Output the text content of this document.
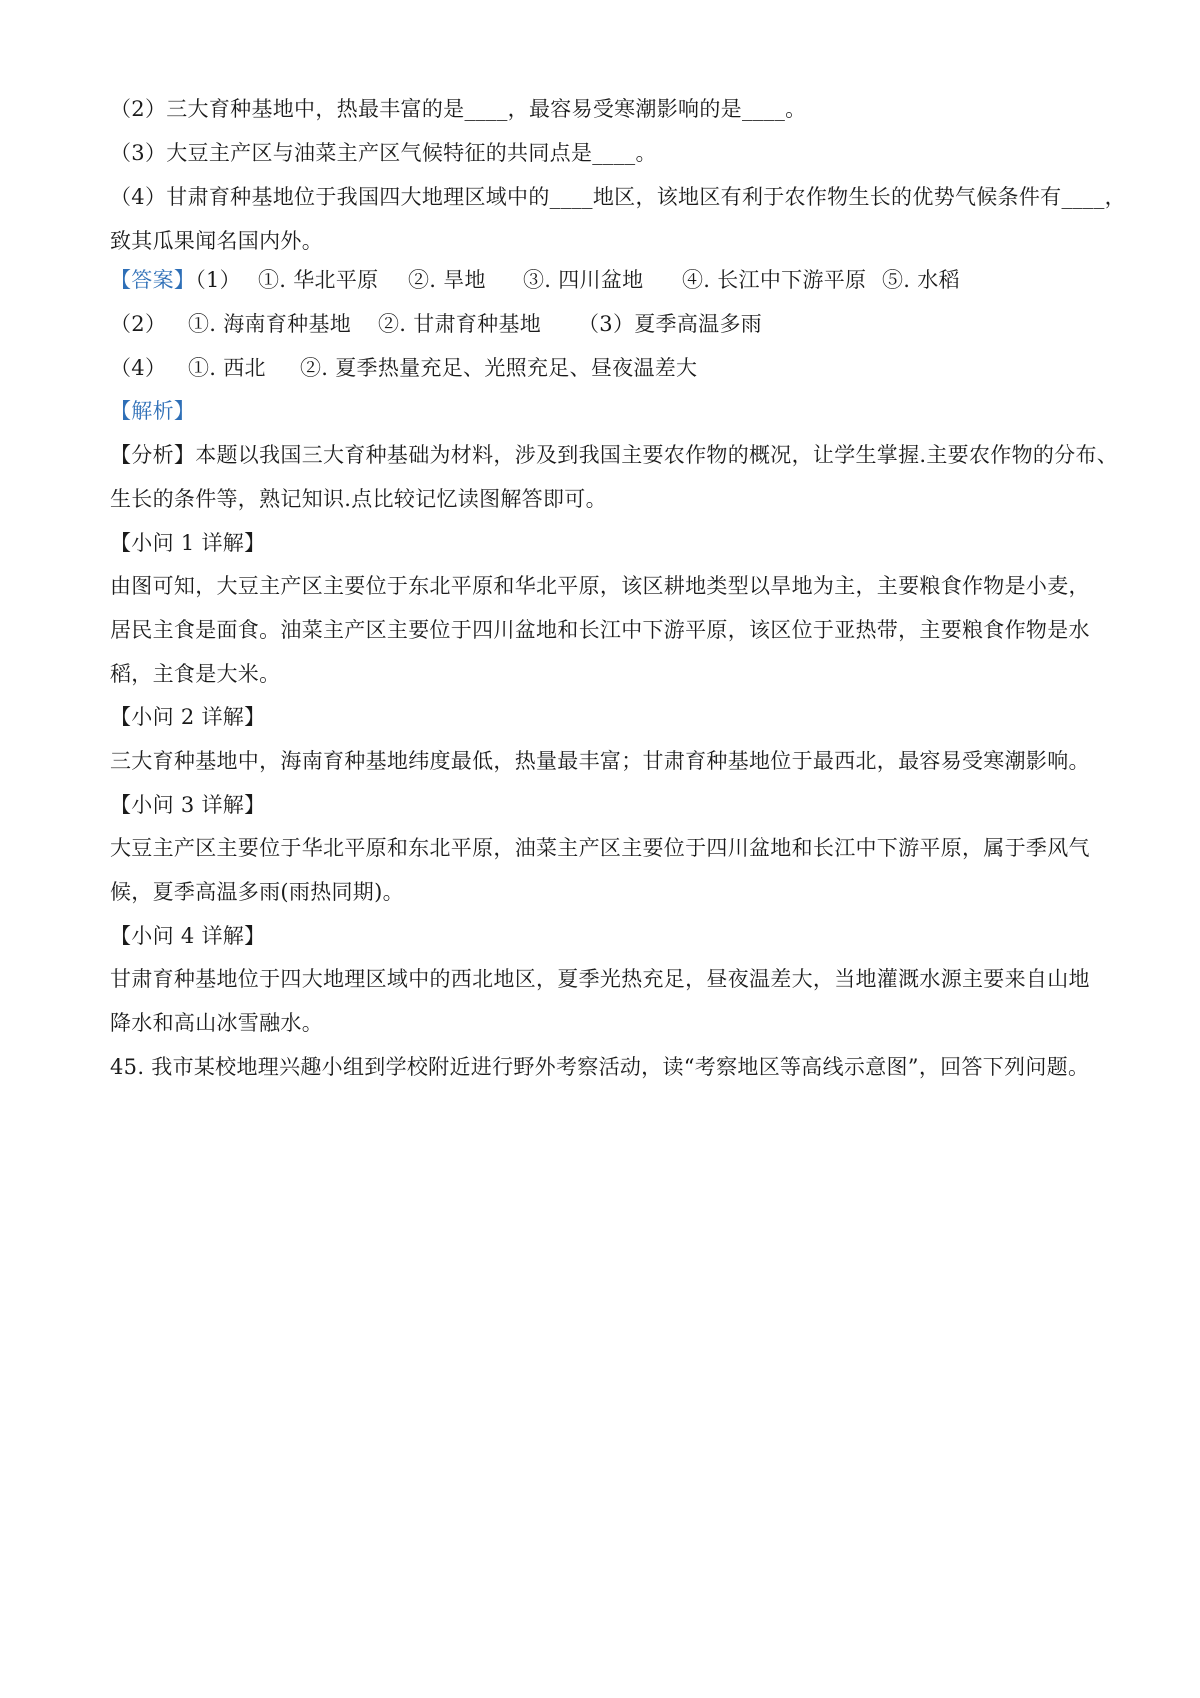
（2）三大育种基地中，热最丰富的是____，最容易受寒潮影响的是____。
（3）大豆主产区与油菜主产区气候特征的共同点是____。
（4）甘肃育种基地位于我国四大地理区域中的____地区，该地区有利于农作物生长的优势气候条件有____，
致其瓜果闻名国内外。
【答案】（1） ①. 华北平原 ②. 旱地 ③. 四川盆地 ④. 长江中下游平原 ⑤. 水稻
（2） ①. 海南育种基地 ②. 甘肃育种基地 （3）夏季高温多雨
（4） ①. 西北 ②. 夏季热量充足、光照充足、昼夜温差大
【解析】
【分析】本题以我国三大育种基础为材料，涉及到我国主要农作物的概况，让学生掌握.主要农作物的分布、
生长的条件等，熟记知识.点比较记忆读图解答即可。
【小问 1 详解】
由图可知，大豆主产区主要位于东北平原和华北平原，该区耕地类型以旱地为主，主要粮食作物是小麦，
居民主食是面食。油菜主产区主要位于四川盆地和长江中下游平原，该区位于亚热带，主要粮食作物是水
稻，主食是大米。
【小问 2 详解】
三大育种基地中，海南育种基地纬度最低，热量最丰富；甘肃育种基地位于最西北，最容易受寒潮影响。
【小问 3 详解】
大豆主产区主要位于华北平原和东北平原，油菜主产区主要位于四川盆地和长江中下游平原，属于季风气
候，夏季高温多雨(雨热同期)。
【小问 4 详解】
甘肃育种基地位于四大地理区域中的西北地区，夏季光热充足，昼夜温差大，当地灌溉水源主要来自山地
降水和高山冰雪融水。
45. 我市某校地理兴趣小组到学校附近进行野外考察活动，读“考察地区等高线示意图”，回答下列问题。
